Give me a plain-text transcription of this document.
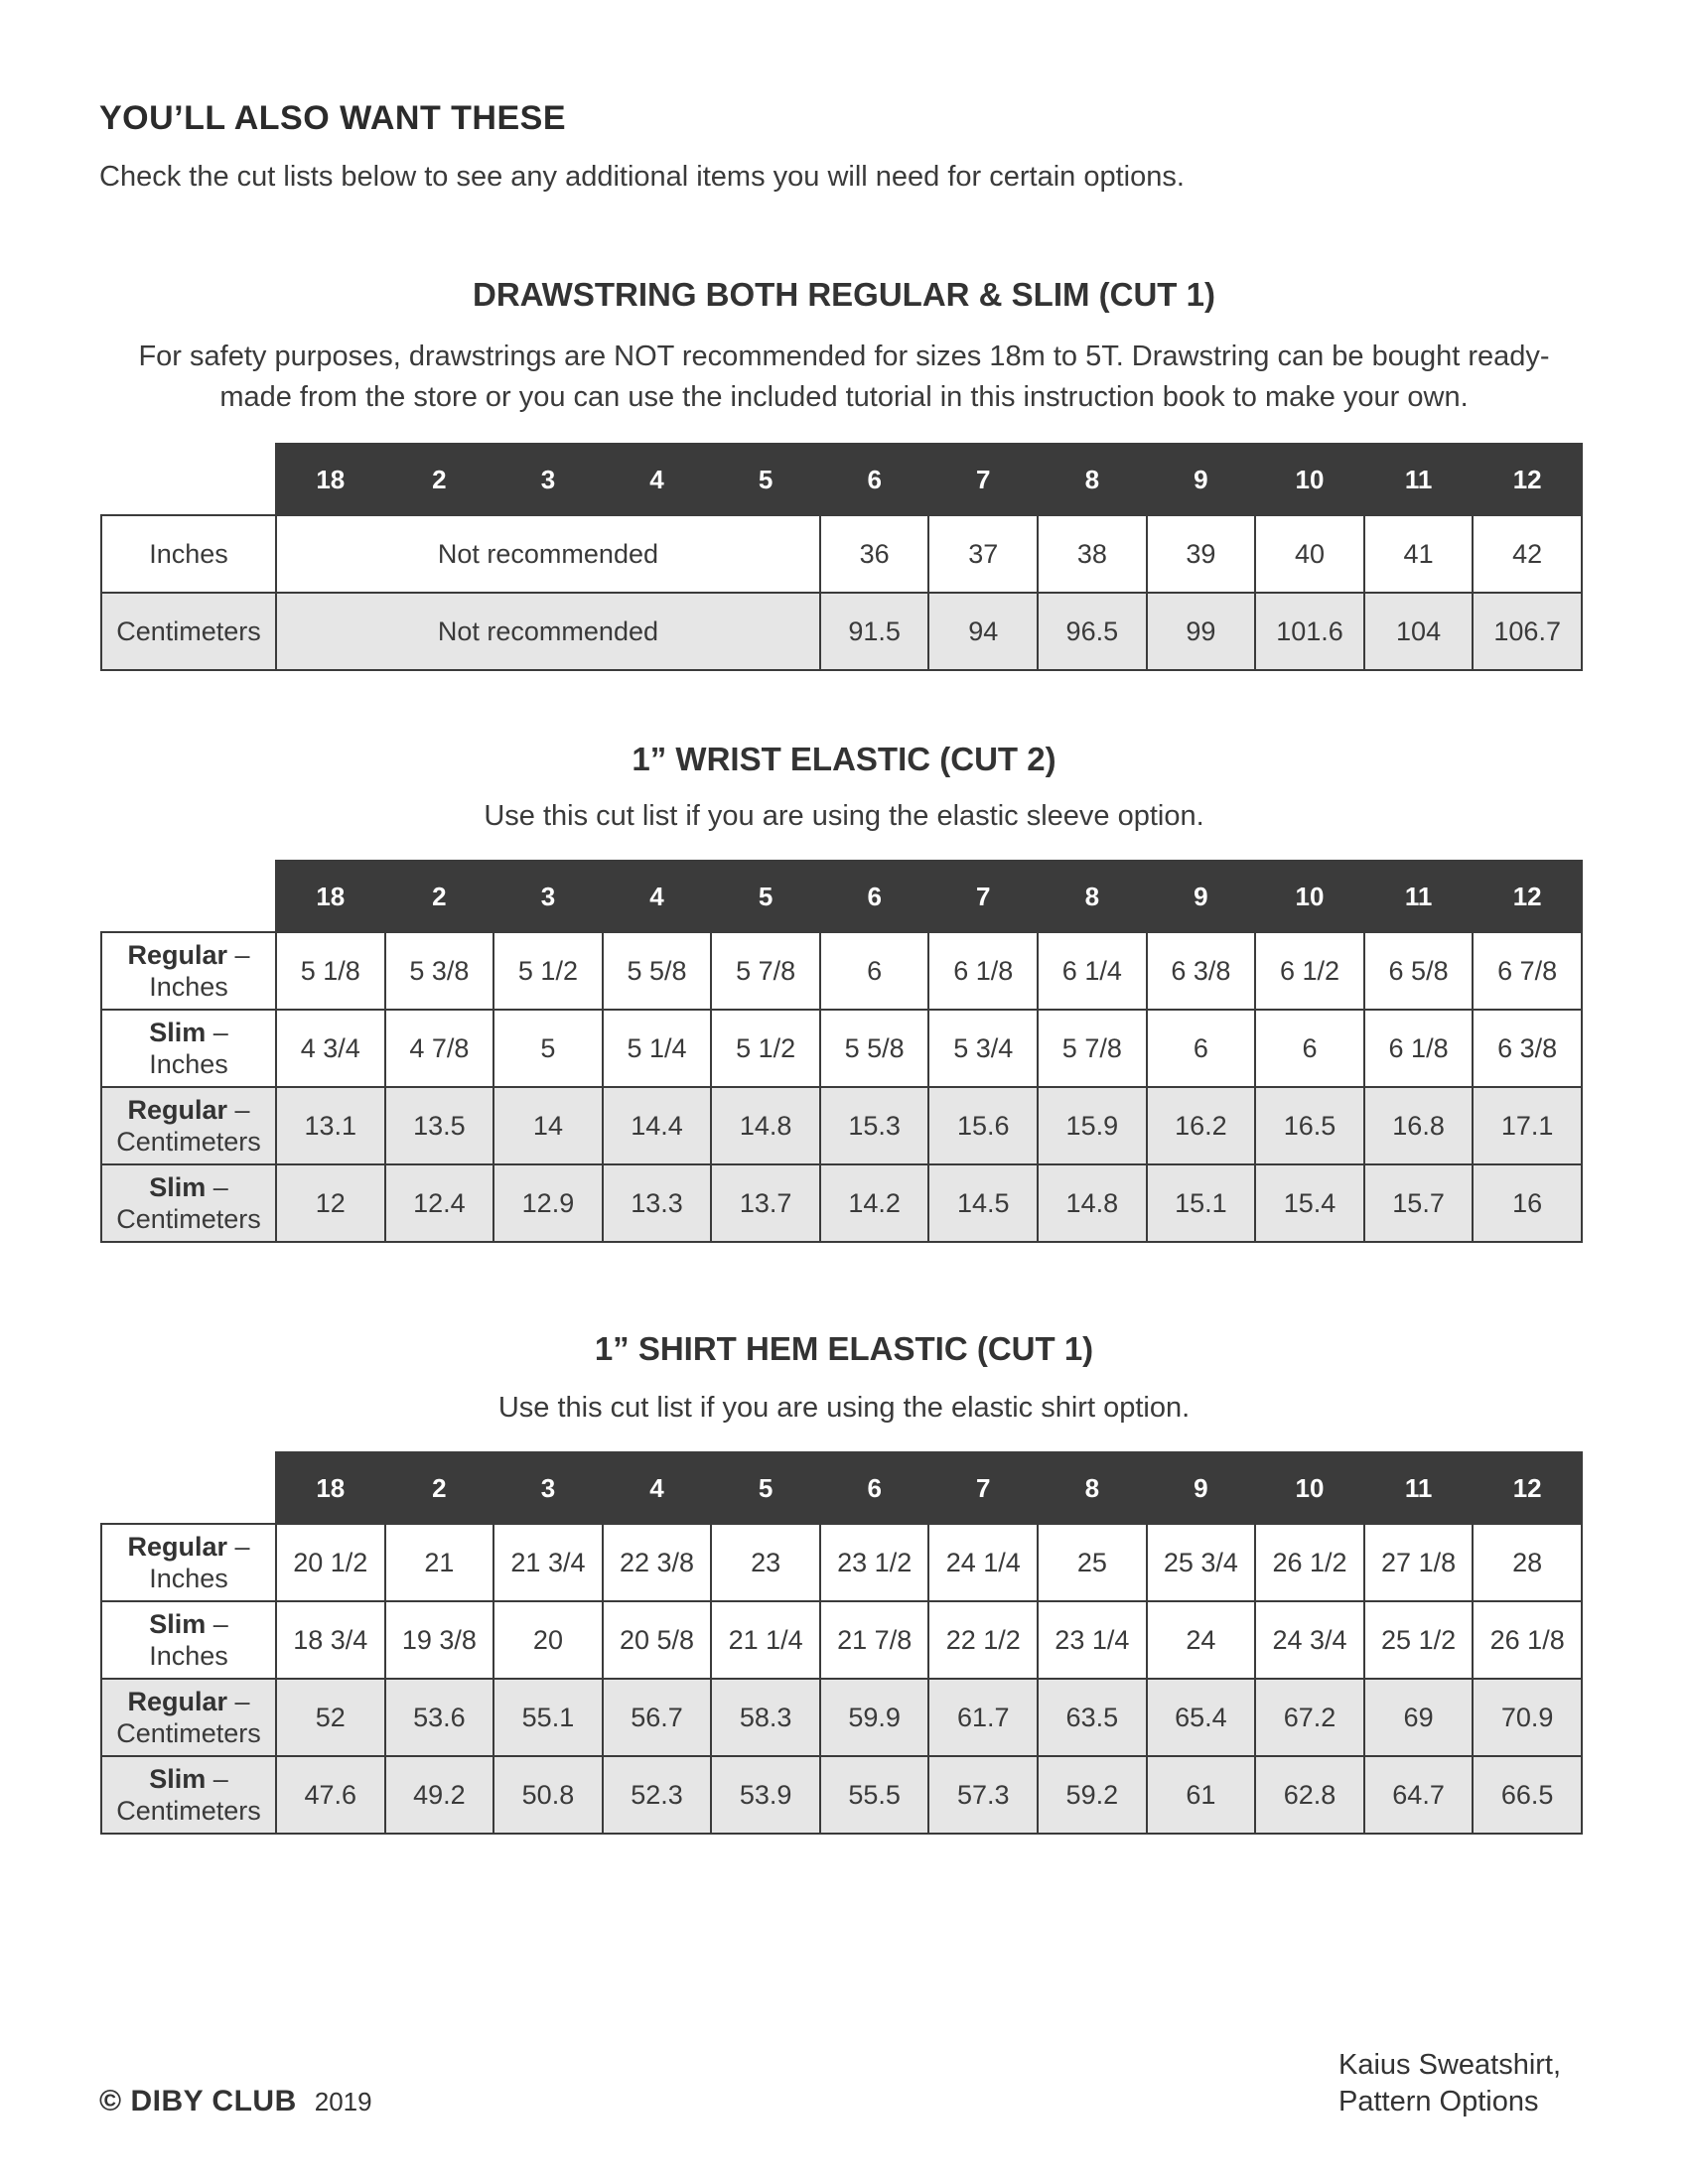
YOU’LL ALSO WANT THESE

Check the cut lists below to see any additional items you will need for certain options.

DRAWSTRING BOTH REGULAR & SLIM (CUT 1)

For safety purposes, drawstrings are NOT recommended for sizes 18m to 5T. Drawstring can be bought ready-
made from the store or you can use the included tutorial in this instruction book to make your own.

	18	2	3	4	5	6	7	8	9	10	11	12
Inches	Not recommended					36	37	38	39	40	41	42
Centimeters	Not recommended					91.5	94	96.5	99	101.6	104	106.7
1” WRIST ELASTIC (CUT 2)

Use this cut list if you are using the elastic sleeve option.

	18	2	3	4	5	6	7	8	9	10	11	12
Regular –
Inches	5 1/8	5 3/8	5 1/2	5 5/8	5 7/8	6	6 1/8	6 1/4	6 3/8	6 1/2	6 5/8	6 7/8
Slim –
Inches	4 3/4	4 7/8	5	5 1/4	5 1/2	5 5/8	5 3/4	5 7/8	6	6	6 1/8	6 3/8
Regular –
Centimeters	13.1	13.5	14	14.4	14.8	15.3	15.6	15.9	16.2	16.5	16.8	17.1
Slim –
Centimeters	12	12.4	12.9	13.3	13.7	14.2	14.5	14.8	15.1	15.4	15.7	16
1” SHIRT HEM ELASTIC (CUT 1)

Use this cut list if you are using the elastic shirt option.

	18	2	3	4	5	6	7	8	9	10	11	12
Regular –
Inches	20 1/2	21	21 3/4	22 3/8	23	23 1/2	24 1/4	25	25 3/4	26 1/2	27 1/8	28
Slim –
Inches	18 3/4	19 3/8	20	20 5/8	21 1/4	21 7/8	22 1/2	23 1/4	24	24 3/4	25 1/2	26 1/8
Regular –
Centimeters	52	53.6	55.1	56.7	58.3	59.9	61.7	63.5	65.4	67.2	69	70.9
Slim –
Centimeters	47.6	49.2	50.8	52.3	53.9	55.5	57.3	59.2	61	62.8	64.7	66.5

© DIBY CLUB 2019

Kaius Sweatshirt,
Pattern Options
